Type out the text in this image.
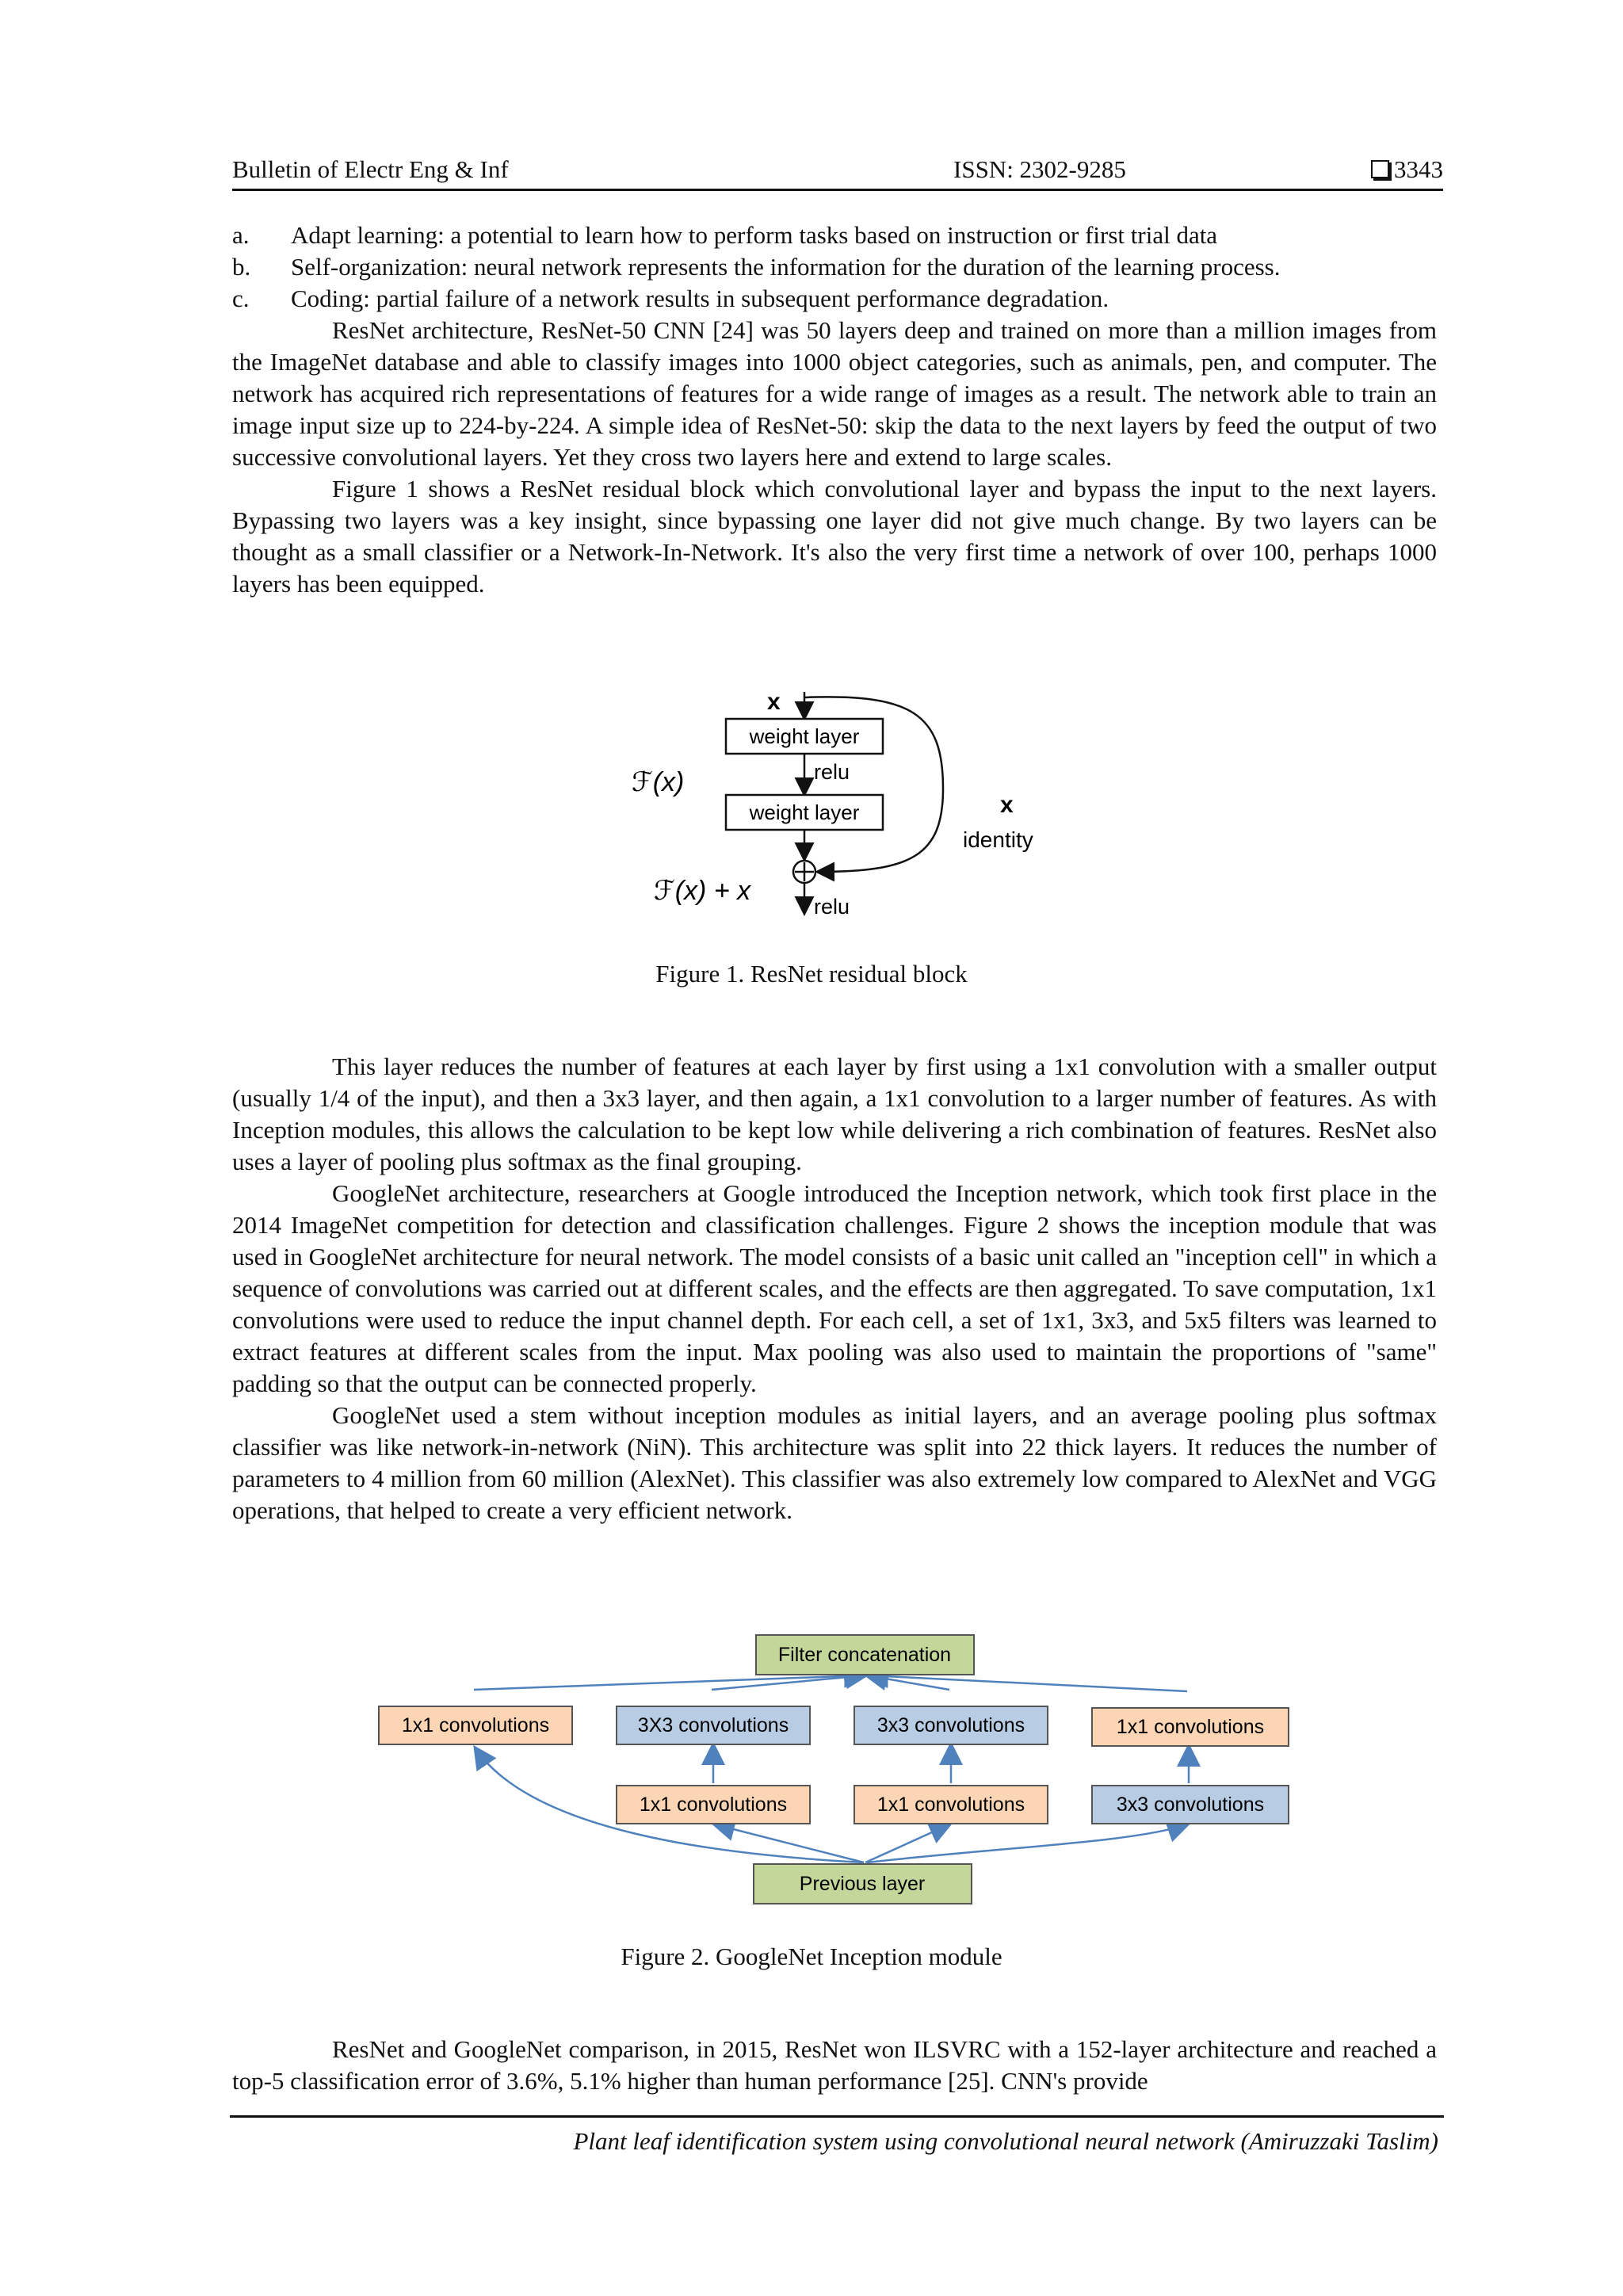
Bulletin of Electr Eng & Inf	ISSN: 2302-9285	3343
a. Adapt learning: a potential to learn how to perform tasks based on instruction or first trial data
b. Self-organization: neural network represents the information for the duration of the learning process.
c. Coding: partial failure of a network results in subsequent performance degradation.

ResNet architecture, ResNet-50 CNN [24] was 50 layers deep and trained on more than a million images from the ImageNet database and able to classify images into 1000 object categories, such as animals, pen, and computer. The network has acquired rich representations of features for a wide range of images as a result. The network able to train an image input size up to 224-by-224. A simple idea of ResNet-50: skip the data to the next layers by feed the output of two successive convolutional layers. Yet they cross two layers here and extend to large scales.

Figure 1 shows a ResNet residual block which convolutional layer and bypass the input to the next layers. Bypassing two layers was a key insight, since bypassing one layer did not give much change. By two layers can be thought as a small classifier or a Network-In-Network. It's also the very first time a network of over 100, perhaps 1000 layers has been equipped.

x
weight layer
relu
weight layer
relu
x
identity
ℱ(x)
ℱ(x) + x
Figure 1. ResNet residual block

This layer reduces the number of features at each layer by first using a 1x1 convolution with a smaller output (usually 1/4 of the input), and then a 3x3 layer, and then again, a 1x1 convolution to a larger number of features. As with Inception modules, this allows the calculation to be kept low while delivering a rich combination of features. ResNet also uses a layer of pooling plus softmax as the final grouping.

GoogleNet architecture, researchers at Google introduced the Inception network, which took first place in the 2014 ImageNet competition for detection and classification challenges. Figure 2 shows the inception module that was used in GoogleNet architecture for neural network. The model consists of a basic unit called an "inception cell" in which a sequence of convolutions was carried out at different scales, and the effects are then aggregated. To save computation, 1x1 convolutions were used to reduce the input channel depth. For each cell, a set of 1x1, 3x3, and 5x5 filters was learned to extract features at different scales from the input. Max pooling was also used to maintain the proportions of "same" padding so that the output can be connected properly.

GoogleNet used a stem without inception modules as initial layers, and an average pooling plus softmax classifier was like network-in-network (NiN). This architecture was split into 22 thick layers. It reduces the number of parameters to 4 million from 60 million (AlexNet). This classifier was also extremely low compared to AlexNet and VGG operations, that helped to create a very efficient network.

Filter concatenation
1x1 convolutions	3X3 convolutions	3x3 convolutions	1x1 convolutions
1x1 convolutions	1x1 convolutions	3x3 convolutions
Previous layer
Figure 2. GoogleNet Inception module

ResNet and GoogleNet comparison, in 2015, ResNet won ILSVRC with a 152-layer architecture and reached a top-5 classification error of 3.6%, 5.1% higher than human performance [25]. CNN's provide

Plant leaf identification system using convolutional neural network (Amiruzzaki Taslim)
